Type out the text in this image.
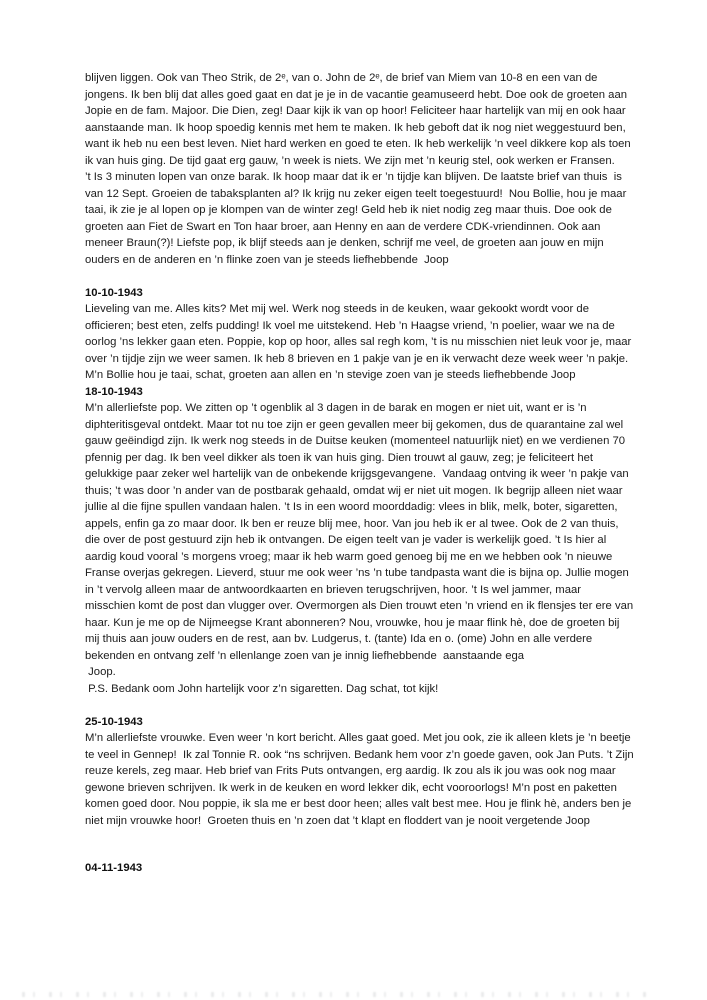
blijven liggen. Ook van Theo Strik, de 2ᵉ, van o. John de 2ᵉ, de brief van Miem van 10-8 en een van de jongens. Ik ben blij dat alles goed gaat en dat je je in de vacantie geamuseerd hebt. Doe ook de groeten aan Jopie en de fam. Majoor. Die Dien, zeg! Daar kijk ik van op hoor! Feliciteer haar hartelijk van mij en ook haar aanstaande man. Ik hoop spoedig kennis met hem te maken. Ik heb geboft dat ik nog niet weggestuurd ben, want ik heb nu een best leven. Niet hard werken en goed te eten. Ik heb werkelijk ’n veel dikkere kop als toen ik van huis ging. De tijd gaat erg gauw, ’n week is niets. We zijn met ’n keurig stel, ook werken er Fransen.

’t Is 3 minuten lopen van onze barak. Ik hoop maar dat ik er ’n tijdje kan blijven. De laatste brief van thuis  is van 12 Sept. Groeien de tabaksplanten al? Ik krijg nu zeker eigen teelt toegestuurd!  Nou Bollie, hou je maar taai, ik zie je al lopen op je klompen van de winter zeg! Geld heb ik niet nodig zeg maar thuis. Doe ook de groeten aan Fiet de Swart en Ton haar broer, aan Henny en aan de verdere CDK-vriendinnen. Ook aan meneer Braun(?)! Liefste pop, ik blijf steeds aan je denken, schrijf me veel, de groeten aan jouw en mijn ouders en de anderen en ’n flinke zoen van je steeds liefhebbende  Joop

10-10-1943

Lieveling van me. Alles kits? Met mij wel. Werk nog steeds in de keuken, waar gekookt wordt voor de officieren; best eten, zelfs pudding! Ik voel me uitstekend. Heb ’n Haagse vriend, ’n poelier, waar we na de oorlog ’ns lekker gaan eten. Poppie, kop op hoor, alles sal regh kom, ’t is nu misschien niet leuk voor je, maar over ’n tijdje zijn we weer samen. Ik heb 8 brieven en 1 pakje van je en ik verwacht deze week weer ’n pakje. M’n Bollie hou je taai, schat, groeten aan allen en ’n stevige zoen van je steeds liefhebbende Joop

18-10-1943

M’n allerliefste pop. We zitten op ’t ogenblik al 3 dagen in de barak en mogen er niet uit, want er is ’n diphteritisgeval ontdekt. Maar tot nu toe zijn er geen gevallen meer bij gekomen, dus de quarantaine zal wel gauw geëindigd zijn. Ik werk nog steeds in de Duitse keuken (momenteel natuurlijk niet) en we verdienen 70 pfennig per dag. Ik ben veel dikker als toen ik van huis ging. Dien trouwt al gauw, zeg; je feliciteert het gelukkige paar zeker wel hartelijk van de onbekende krijgsgevangene.  Vandaag ontving ik weer ’n pakje van thuis; ’t was door ’n ander van de postbarak gehaald, omdat wij er niet uit mogen. Ik begrijp alleen niet waar jullie al die fijne spullen vandaan halen. ’t Is in een woord moorddadig: vlees in blik, melk, boter, sigaretten, appels, enfin ga zo maar door. Ik ben er reuze blij mee, hoor. Van jou heb ik er al twee. Ook de 2 van thuis, die over de post gestuurd zijn heb ik ontvangen. De eigen teelt van je vader is werkelijk goed. ’t Is hier al aardig koud vooral ’s morgens vroeg; maar ik heb warm goed genoeg bij me en we hebben ook ’n nieuwe Franse overjas gekregen. Lieverd, stuur me ook weer ’ns ’n tube tandpasta want die is bijna op. Jullie mogen in ’t vervolg alleen maar de antwoordkaarten en brieven terugschrijven, hoor. ’t Is wel jammer, maar misschien komt de post dan vlugger over. Overmorgen als Dien trouwt eten ’n vriend en ik flensjes ter ere van haar. Kun je me op de Nijmeegse Krant abonneren? Nou, vrouwke, hou je maar flink hè, doe de groeten bij mij thuis aan jouw ouders en de rest, aan bv. Ludgerus, t. (tante) Ida en o. (ome) John en alle verdere bekenden en ontvang zelf ’n ellenlange zoen van je innig liefhebbende  aanstaande ega

Joop.

P.S. Bedank oom John hartelijk voor z’n sigaretten. Dag schat, tot kijk!

25-10-1943

M’n allerliefste vrouwke. Even weer ’n kort bericht. Alles gaat goed. Met jou ook, zie ik alleen klets je ’n beetje te veel in Gennep!  Ik zal Tonnie R. ook “ns schrijven. Bedank hem voor z’n goede gaven, ook Jan Puts. ’t Zijn reuze kerels, zeg maar. Heb brief van Frits Puts ontvangen, erg aardig. Ik zou als ik jou was ook nog maar gewone brieven schrijven. Ik werk in de keuken en word lekker dik, echt vooroorlogs! M’n post en paketten komen goed door. Nou poppie, ik sla me er best door heen; alles valt best mee. Hou je flink hè, anders ben je niet mijn vrouwke hoor!  Groeten thuis en ’n zoen dat ’t klapt en floddert van je nooit vergetende Joop

04-11-1943
